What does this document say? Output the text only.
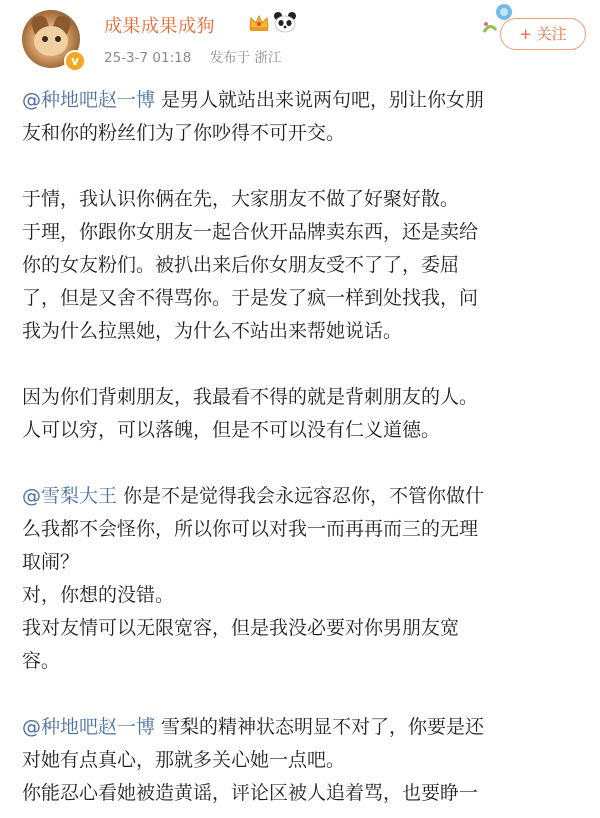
v
成果成果成狗
25-3-7 01:18 发布于 浙江
+ 关注

@种地吧赵一博 是男人就站出来说两句吧，别让你女朋
友和你的粉丝们为了你吵得不可开交。

于情，我认识你俩在先，大家朋友不做了好聚好散。
于理，你跟你女朋友一起合伙开品牌卖东西，还是卖给
你的女友粉们。被扒出来后你女朋友受不了了，委屈
了，但是又舍不得骂你。于是发了疯一样到处找我，问
我为什么拉黑她，为什么不站出来帮她说话。

因为你们背刺朋友，我最看不得的就是背刺朋友的人。
人可以穷，可以落魄，但是不可以没有仁义道德。

@雪梨大王 你是不是觉得我会永远容忍你，不管你做什
么我都不会怪你，所以你可以对我一而再再而三的无理
取闹？
对，你想的没错。
我对友情可以无限宽容，但是我没必要对你男朋友宽
容。

@种地吧赵一博 雪梨的精神状态明显不对了，你要是还
对她有点真心，那就多关心她一点吧。
你能忍心看她被造黄谣，评论区被人追着骂，也要睁一
